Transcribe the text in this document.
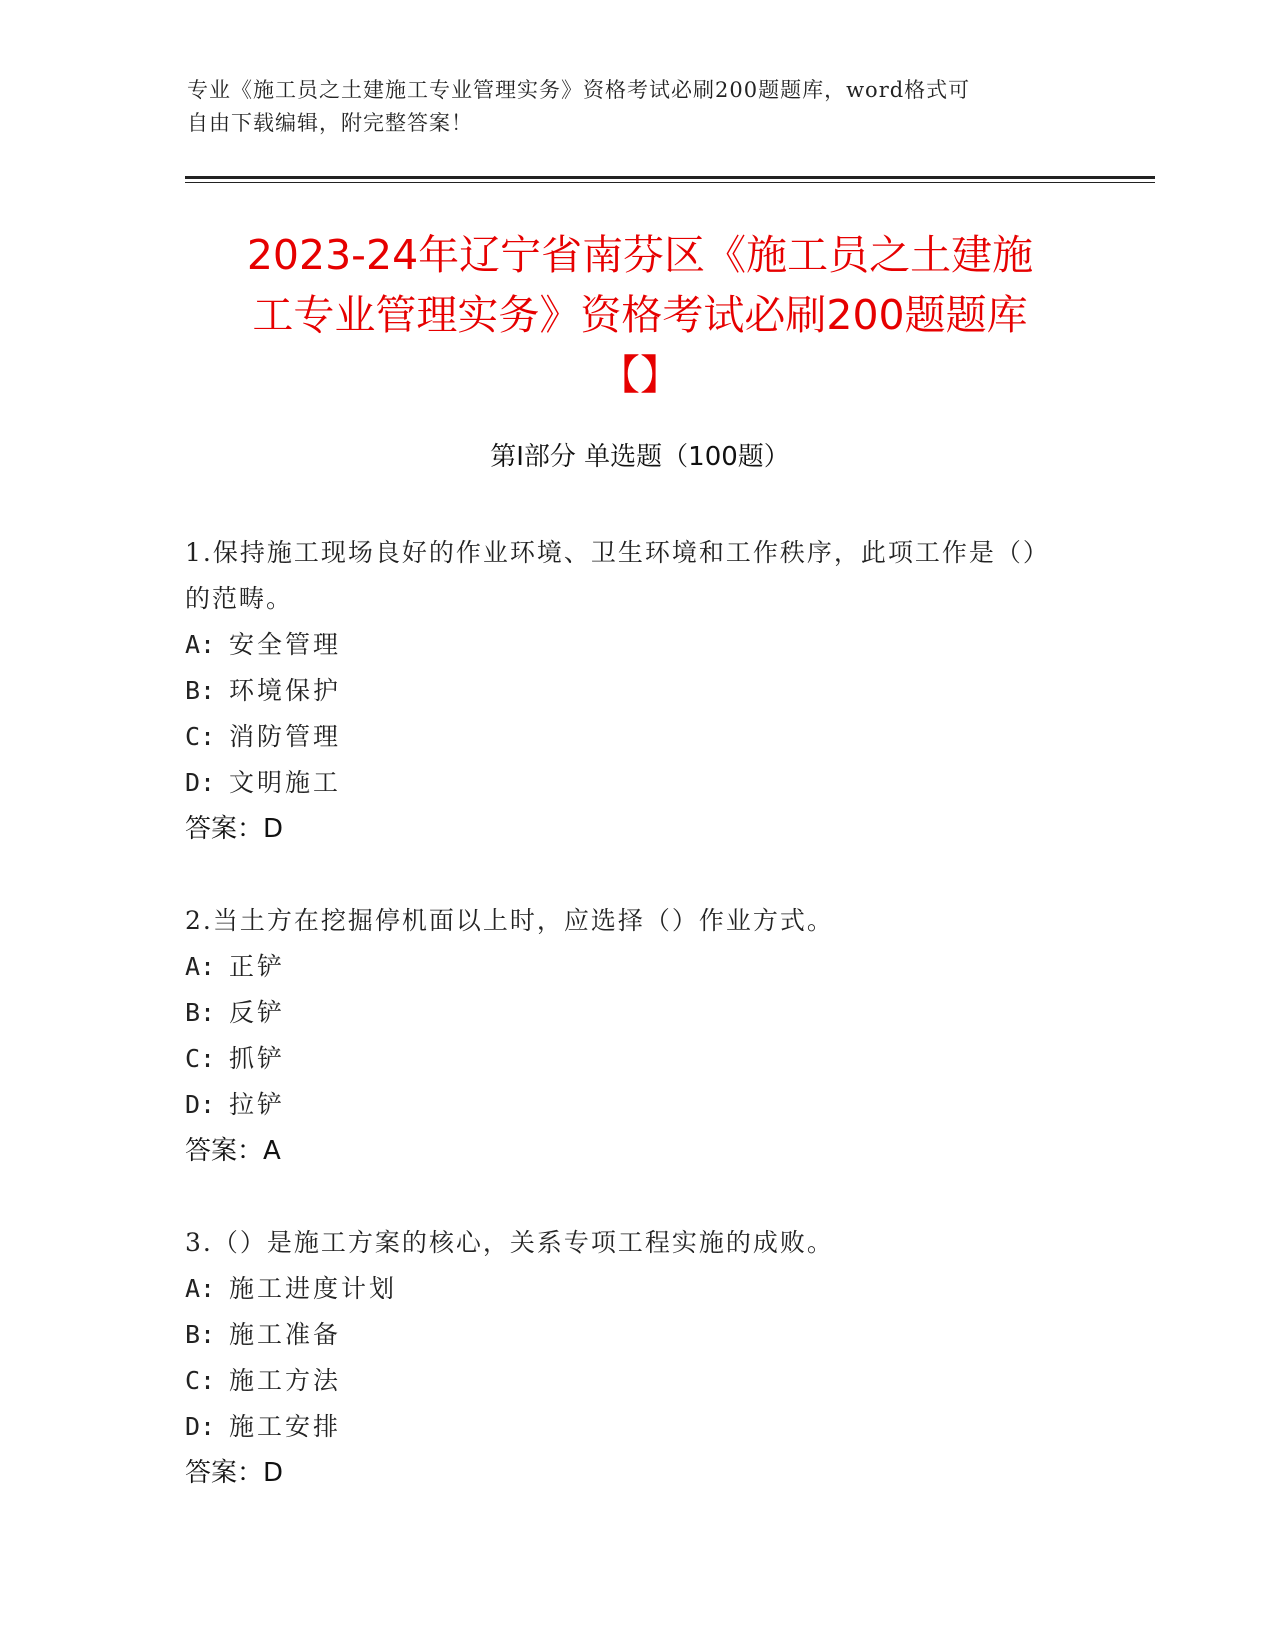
专业《施工员之土建施工专业管理实务》资格考试必刷200题题库，word格式可
自由下载编辑，附完整答案！
2023-24年辽宁省南芬区《施工员之土建施
工专业管理实务》资格考试必刷200题题库
【】
第Ⅰ部分 单选题（100题）
1.保持施工现场良好的作业环境、卫生环境和工作秩序，此项工作是（）的范畴。
A: 安全管理
B: 环境保护
C: 消防管理
D: 文明施工
答案：D
2.当土方在挖掘停机面以上时，应选择（）作业方式。
A: 正铲
B: 反铲
C: 抓铲
D: 拉铲
答案：A
3.（）是施工方案的核心，关系专项工程实施的成败。
A: 施工进度计划
B: 施工准备
C: 施工方法
D: 施工安排
答案：D
